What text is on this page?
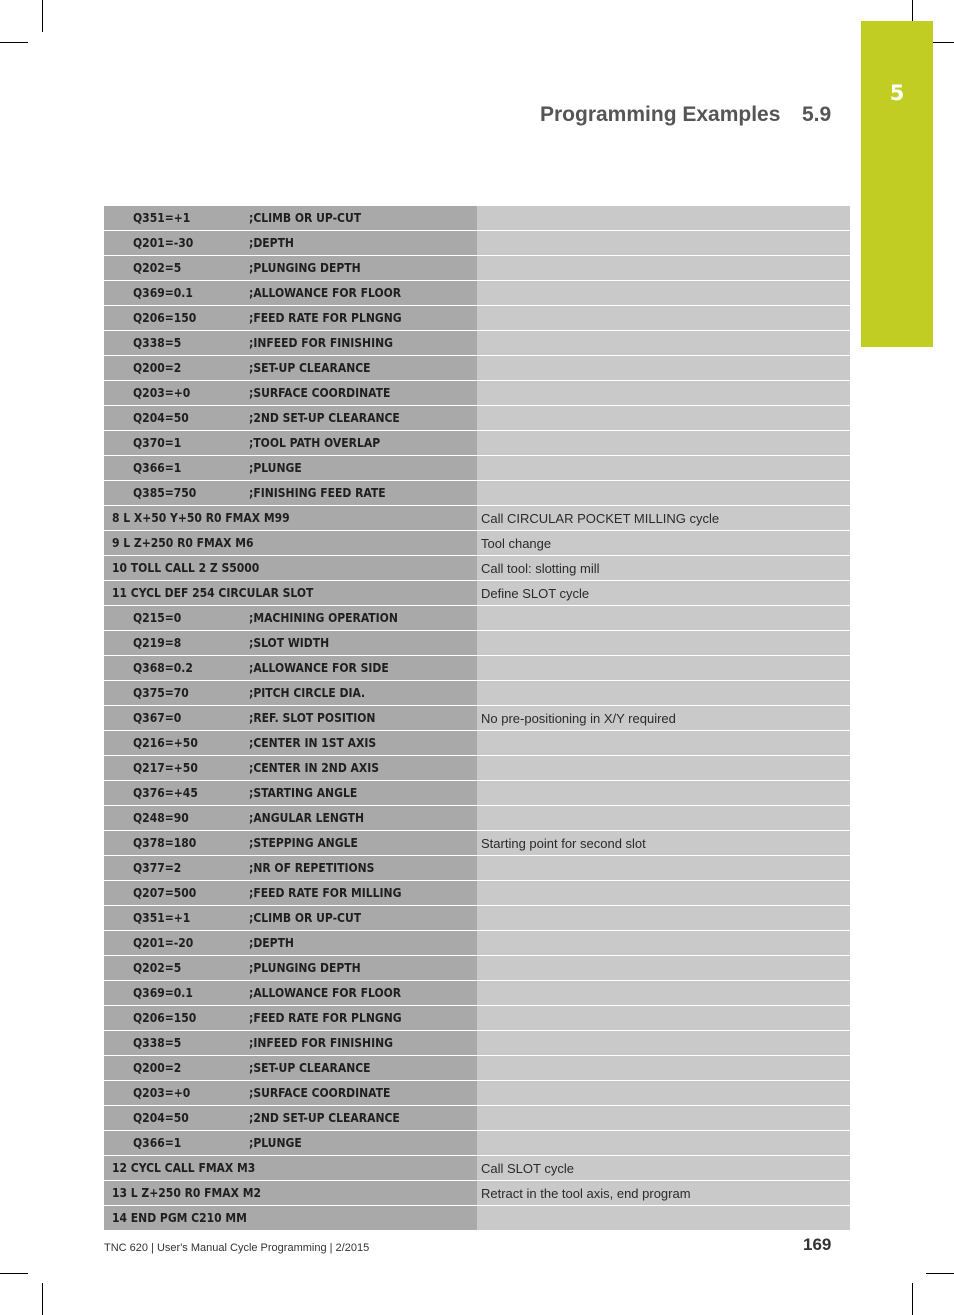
5
Programming Examples 5.9
Q351=+1 ;CLIMB OR UP-CUT	
Q201=-30 ;DEPTH	
Q202=5 ;PLUNGING DEPTH	
Q369=0.1 ;ALLOWANCE FOR FLOOR	
Q206=150 ;FEED RATE FOR PLNGNG	
Q338=5 ;INFEED FOR FINISHING	
Q200=2 ;SET-UP CLEARANCE	
Q203=+0 ;SURFACE COORDINATE	
Q204=50 ;2ND SET-UP CLEARANCE	
Q370=1 ;TOOL PATH OVERLAP	
Q366=1 ;PLUNGE	
Q385=750 ;FINISHING FEED RATE	
8 L X+50 Y+50 R0 FMAX M99	Call CIRCULAR POCKET MILLING cycle
9 L Z+250 R0 FMAX M6	Tool change
10 TOLL CALL 2 Z S5000	Call tool: slotting mill
11 CYCL DEF 254 CIRCULAR SLOT	Define SLOT cycle
Q215=0 ;MACHINING OPERATION	
Q219=8 ;SLOT WIDTH	
Q368=0.2 ;ALLOWANCE FOR SIDE	
Q375=70 ;PITCH CIRCLE DIA.	
Q367=0 ;REF. SLOT POSITION	No pre-positioning in X/Y required
Q216=+50 ;CENTER IN 1ST AXIS	
Q217=+50 ;CENTER IN 2ND AXIS	
Q376=+45 ;STARTING ANGLE	
Q248=90 ;ANGULAR LENGTH	
Q378=180 ;STEPPING ANGLE	Starting point for second slot
Q377=2 ;NR OF REPETITIONS	
Q207=500 ;FEED RATE FOR MILLING	
Q351=+1 ;CLIMB OR UP-CUT	
Q201=-20 ;DEPTH	
Q202=5 ;PLUNGING DEPTH	
Q369=0.1 ;ALLOWANCE FOR FLOOR	
Q206=150 ;FEED RATE FOR PLNGNG	
Q338=5 ;INFEED FOR FINISHING	
Q200=2 ;SET-UP CLEARANCE	
Q203=+0 ;SURFACE COORDINATE	
Q204=50 ;2ND SET-UP CLEARANCE	
Q366=1 ;PLUNGE	
12 CYCL CALL FMAX M3	Call SLOT cycle
13 L Z+250 R0 FMAX M2	Retract in the tool axis, end program
14 END PGM C210 MM	
TNC 620 | User's Manual Cycle Programming | 2/2015	169
